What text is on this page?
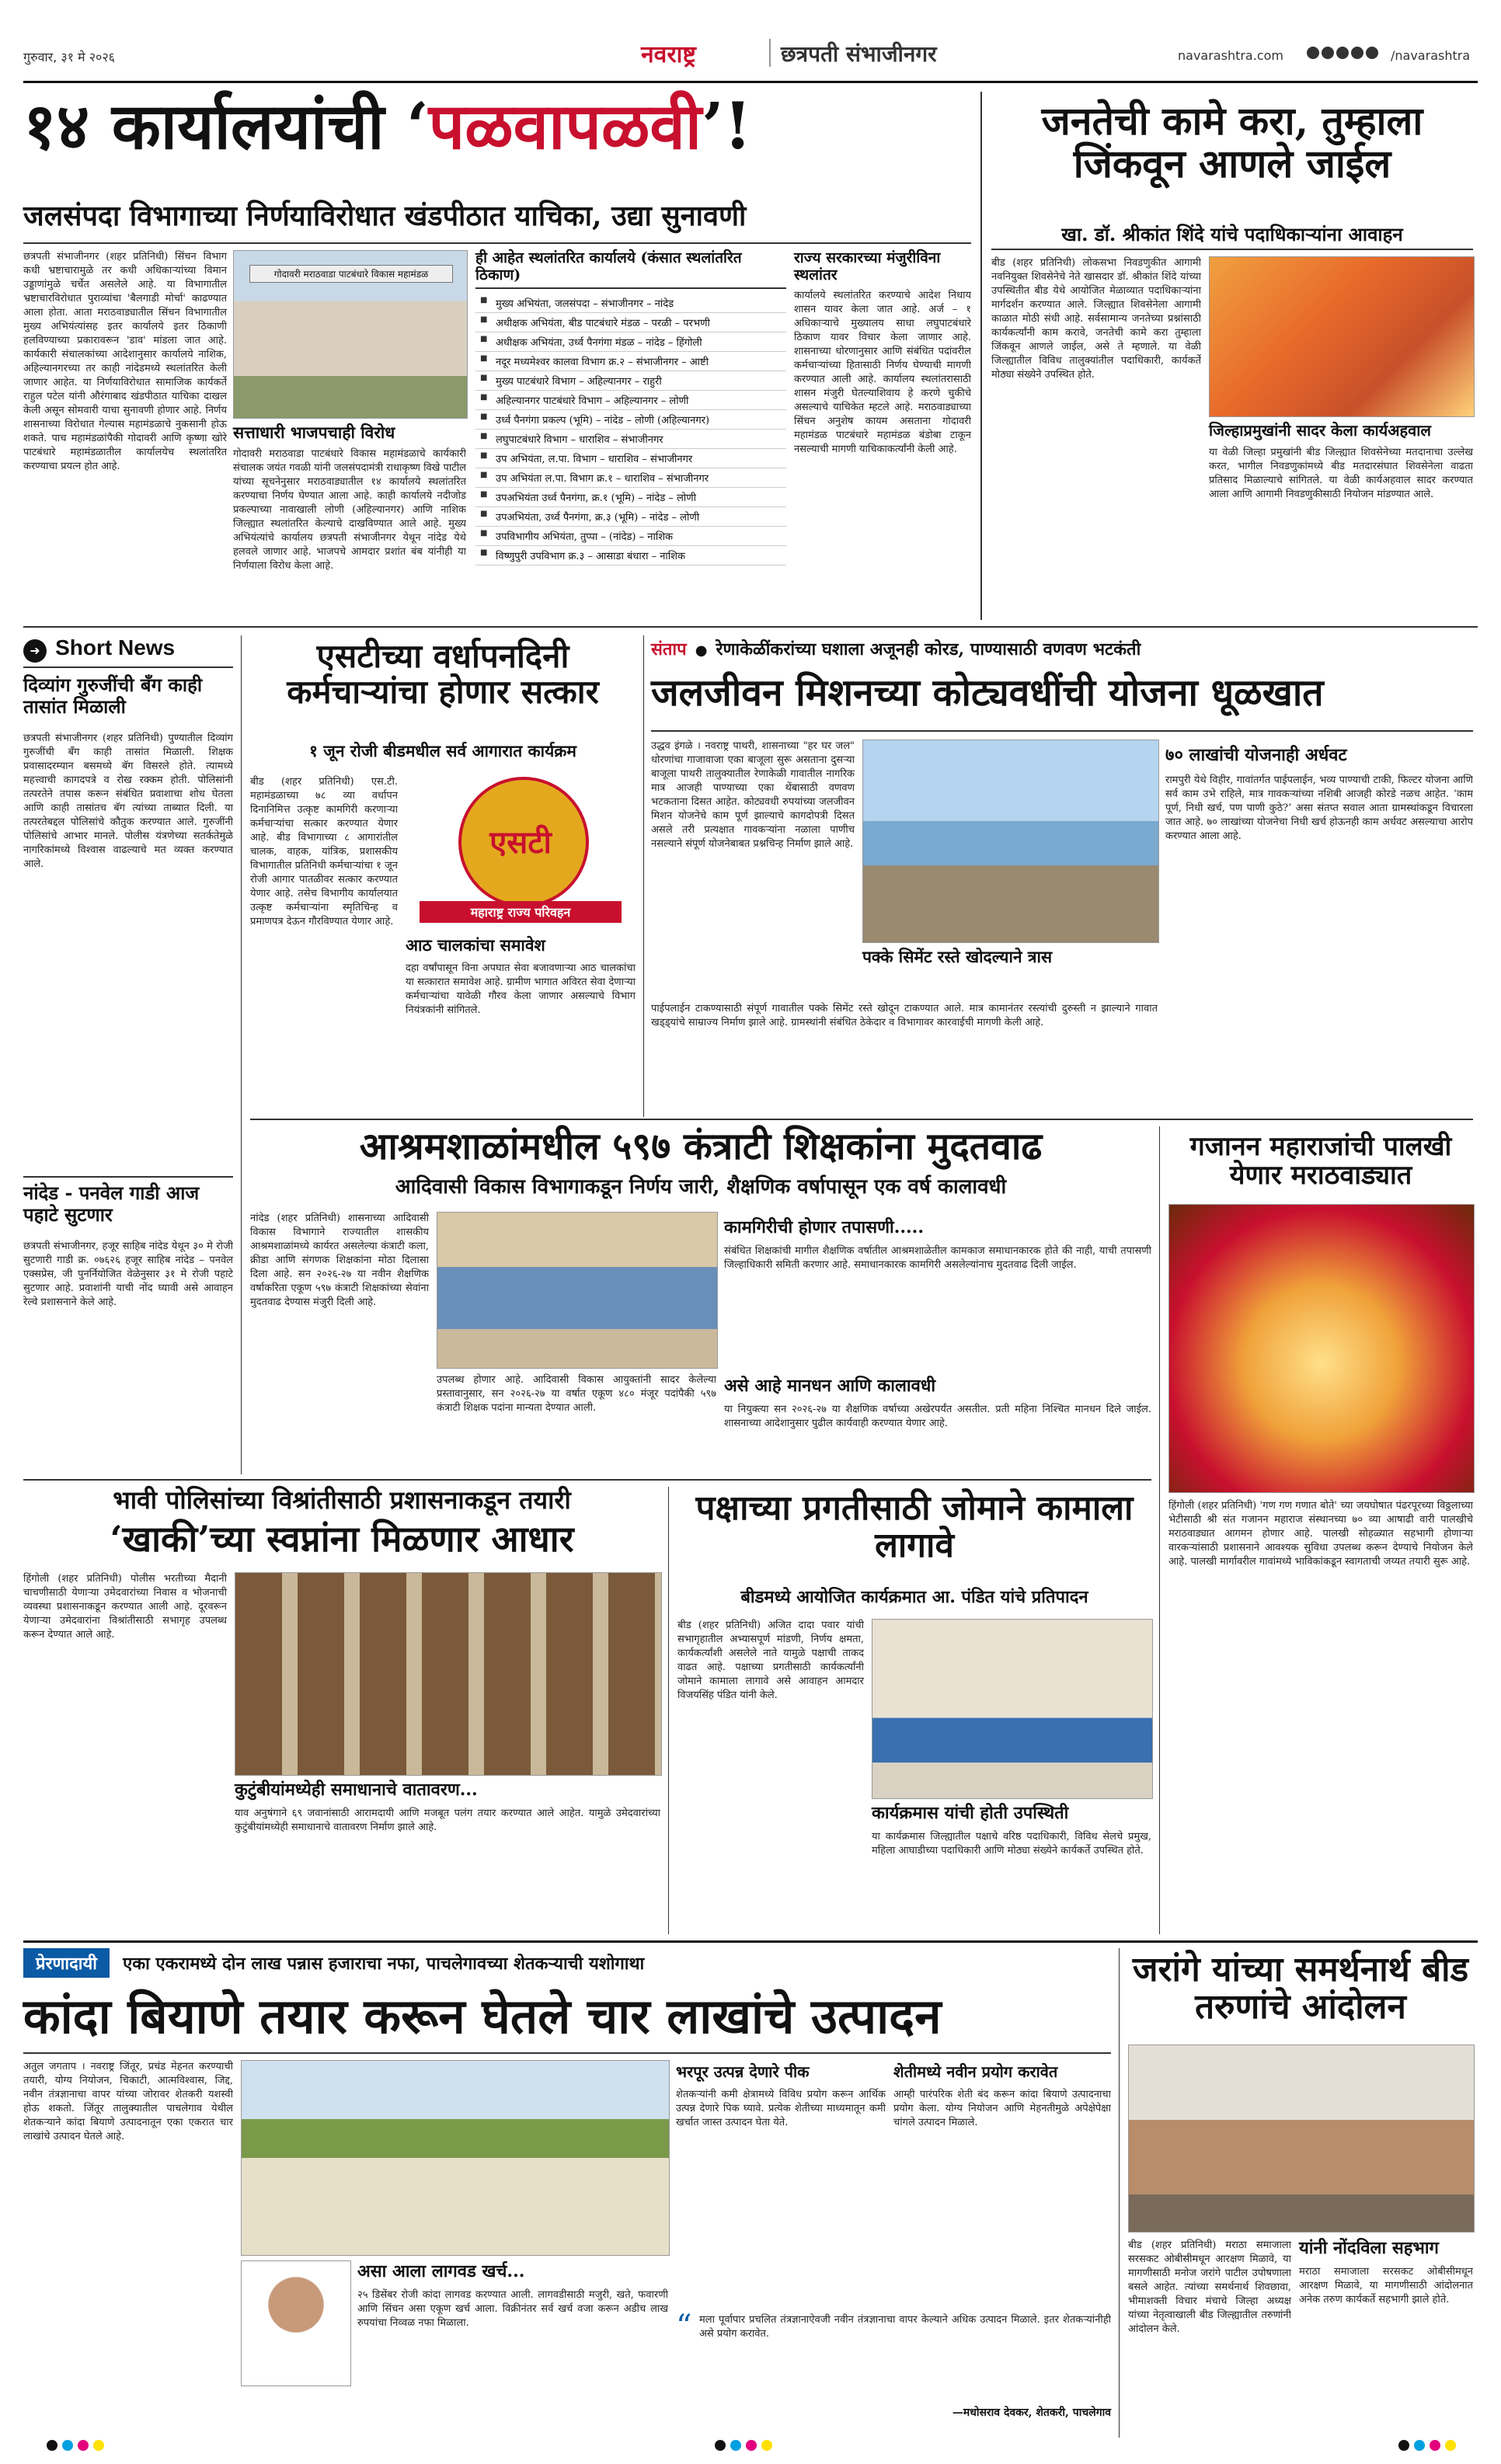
गुरुवार, ३१ मे २०२६	नवराष्ट्र	छत्रपती संभाजीनगर	navarashtra.com	/navarashtra
१४ कार्यालयांची ‘पळवापळवी’!
जलसंपदा विभागाच्या निर्णयाविरोधात खंडपीठात याचिका, उद्या सुनावणी
छत्रपती संभाजीनगर (शहर प्रतिनिधी) सिंचन विभाग कधी भ्रष्टाचारामुळे तर कधी अधिकाऱ्यांच्या विमान उड्डाणांमुळे चर्चेत असलेले आहे. या विभागातील भ्रष्टाचारविरोधात पुराव्यांचा 'बैलगाडी मोर्चा' काढण्यात आला होता. आता मराठवाड्यातील सिंचन विभागातील मुख्य अभियंत्यांसह इतर कार्यालये इतर ठिकाणी हलविण्याच्या प्रकारावरून 'डाव' मांडला जात आहे. कार्यकारी संचालकांच्या आदेशानुसार कार्यालये नाशिक, अहिल्यानगरच्या तर काही नांदेडमध्ये स्थलांतरित केली जाणार आहेत. या निर्णयाविरोधात सामाजिक कार्यकर्ते राहुल पटेल यांनी औरंगाबाद खंडपीठात याचिका दाखल केली असून सोमवारी याचा सुनावणी होणार आहे. निर्णय शासनाच्या विरोधात गेल्यास महामंडळाचे नुकसानी होऊ शकते. पाच महामंडळांपैकी गोदावरी आणि कृष्णा खोरे पाटबंधारे महामंडळातील कार्यालयेच स्थलांतरित करण्याचा प्रयत्न होत आहे.
गोदावरी मराठवाडा पाटबंधारे विकास महामंडळ
सत्ताधारी भाजपचाही विरोध
गोदावरी मराठवाडा पाटबंधारे विकास महामंडळाचे कार्यकारी संचालक जयंत गवळी यांनी जलसंपदामंत्री राधाकृष्ण विखे पाटील यांच्या सूचनेनुसार मराठवाड्यातील १४ कार्यालये स्थलांतरित करण्याचा निर्णय घेण्यात आला आहे. काही कार्यालये नदीजोड प्रकल्पाच्या नावाखाली लोणी (अहिल्यानगर) आणि नाशिक जिल्ह्यात स्थलांतरित केल्याचे दाखविण्यात आले आहे. मुख्य अभियंत्यांचे कार्यालय छत्रपती संभाजीनगर येथून नांदेड येथे हलवले जाणार आहे. भाजपचे आमदार प्रशांत बंब यांनीही या निर्णयाला विरोध केला आहे.
ही आहेत स्थलांतरित कार्यालये (कंसात स्थलांतरित ठिकाण)
■ मुख्य अभियंता, जलसंपदा – संभाजीनगर – नांदेड
■ अधीक्षक अभियंता, बीड पाटबंधारे मंडळ – परळी – परभणी
■ अधीक्षक अभियंता, उर्ध्व पैनगंगा मंडळ – नांदेड – हिंगोली
■ नदूर मध्यमेश्वर कालवा विभाग क्र.२ – संभाजीनगर – आष्टी
■ मुख्य पाटबंधारे विभाग – अहिल्यानगर – राहुरी
■ अहिल्यानगर पाटबंधारे विभाग – अहिल्यानगर – लोणी
■ उर्ध्व पैनगंगा प्रकल्प (भूमि) – नांदेड – लोणी (अहिल्यानगर)
■ लघुपाटबंधारे विभाग – धाराशिव – संभाजीनगर
■ उप अभियंता, ल.पा. विभाग – धाराशिव – संभाजीनगर
■ उप अभियंता ल.पा. विभाग क्र.१ – धाराशिव – संभाजीनगर
■ उपअभियंता उर्ध्व पैनगंगा, क्र.१ (भूमि) – नांदेड – लोणी
■ उपअभियंता, उर्ध्व पैनगंगा, क्र.३ (भूमि) – नांदेड – लोणी
■ उपविभागीय अभियंता, तुप्पा – (नांदेड) – नाशिक
■ विष्णुपुरी उपविभाग क्र.३ – आसाडा बंधारा – नाशिक
राज्य सरकारच्या मंजुरीविना स्थलांतर
कार्यालये स्थलांतरित करण्याचे आदेश निधाय शासन यावर केला जात आहे. अर्ज – १ अधिकाऱ्याचे मुख्यालय साधा लघुपाटबंधारे ठिकाण यावर विचार केला जाणार आहे. शासनाच्या धोरणानुसार आणि संबंधित पदांवरील कर्मचाऱ्यांच्या हितासाठी निर्णय घेण्याची मागणी करण्यात आली आहे. कार्यालय स्थलांतरासाठी शासन मंजुरी घेतल्याशिवाय हे करणे चुकीचे असल्याचे याचिकेत म्हटले आहे. मराठवाड्याच्या सिंचन अनुशेष कायम असताना गोदावरी महामंडळ पाटबंधारे महामंडळ बंडोबा टाकून नसल्याची मागणी याचिकाकर्त्यांनी केली आहे.
जनतेची कामे करा, तुम्हाला जिंकवून आणले जाईल
खा. डॉ. श्रीकांत शिंदे यांचे पदाधिकाऱ्यांना आवाहन
बीड (शहर प्रतिनिधी) लोकसभा निवडणुकीत आगामी नवनियुक्त शिवसेनेचे नेते खासदार डॉ. श्रीकांत शिंदे यांच्या उपस्थितीत बीड येथे आयोजित मेळाव्यात पदाधिकाऱ्यांना मार्गदर्शन करण्यात आले. जिल्ह्यात शिवसेनेला आगामी काळात मोठी संधी आहे. सर्वसामान्य जनतेच्या प्रश्नांसाठी कार्यकर्त्यांनी काम करावे, जनतेची कामे करा तुम्हाला जिंकवून आणले जाईल, असे ते म्हणाले. या वेळी जिल्ह्यातील विविध तालुक्यांतील पदाधिकारी, कार्यकर्ते मोठ्या संख्येने उपस्थित होते.
जिल्हाप्रमुखांनी सादर केला कार्यअहवाल
या वेळी जिल्हा प्रमुखांनी बीड जिल्ह्यात शिवसेनेच्या मतदानाचा उल्लेख करत, भागील निवडणुकांमध्ये बीड मतदारसंघात शिवसेनेला वाढता प्रतिसाद मिळाल्याचे सांगितले. या वेळी कार्यअहवाल सादर करण्यात आला आणि आगामी निवडणुकीसाठी नियोजन मांडण्यात आले.
➜ Short News
दिव्यांग गुरुजींची बँग काही तासांत मिळाली
छत्रपती संभाजीनगर (शहर प्रतिनिधी) पुण्यातील दिव्यांग गुरुजींची बँग काही तासांत मिळाली. शिक्षक प्रवासादरम्यान बसमध्ये बॅग विसरले होते. त्यामध्ये महत्त्वाची कागदपत्रे व रोख रक्कम होती. पोलिसांनी तत्परतेने तपास करून संबंधित प्रवाशाचा शोध घेतला आणि काही तासांतच बॅग त्यांच्या ताब्यात दिली. या तत्परतेबद्दल पोलिसांचे कौतुक करण्यात आले. गुरुजींनी पोलिसांचे आभार मानले. पोलीस यंत्रणेच्या सतर्कतेमुळे नागरिकांमध्ये विश्वास वाढल्याचे मत व्यक्त करण्यात आले.
नांदेड - पनवेल गाडी आज पहाटे सुटणार
छत्रपती संभाजीनगर, हजूर साहिब नांदेड येथून ३० मे रोजी सुटणारी गाडी क्र. ०७६२६ हजूर साहिब नांदेड – पनवेल एक्सप्रेस, जी पुनर्नियोजित वेळेनुसार ३१ मे रोजी पहाटे सुटणार आहे. प्रवाशांनी याची नोंद घ्यावी असे आवाहन रेल्वे प्रशासनाने केले आहे.
एसटीच्या वर्धापनदिनी कर्मचाऱ्यांचा होणार सत्कार
१ जून रोजी बीडमधील सर्व आगारात कार्यक्रम
बीड (शहर प्रतिनिधी) एस.टी. महामंडळाच्या ७८ व्या वर्धापन दिनानिमित्त उत्कृष्ट कामगिरी करणाऱ्या कर्मचाऱ्यांचा सत्कार करण्यात येणार आहे. बीड विभागाच्या ८ आगारांतील चालक, वाहक, यांत्रिक, प्रशासकीय विभागातील प्रतिनिधी कर्मचाऱ्यांचा १ जून रोजी आगार पातळीवर सत्कार करण्यात येणार आहे. तसेच विभागीय कार्यालयात उत्कृष्ट कर्मचाऱ्यांना स्मृतिचिन्ह व प्रमाणपत्र देऊन गौरविण्यात येणार आहे.
एसटी
महाराष्ट्र राज्य परिवहन
आठ चालकांचा समावेश
दहा वर्षांपासून विना अपघात सेवा बजावणाऱ्या आठ चालकांचा या सत्कारात समावेश आहे. ग्रामीण भागात अविरत सेवा देणाऱ्या कर्मचाऱ्यांचा यावेळी गौरव केला जाणार असल्याचे विभाग नियंत्रकांनी सांगितले.
संताप ● रेणाकेळींकरांच्या घशाला अजूनही कोरड, पाण्यासाठी वणवण भटकंती
जलजीवन मिशनच्या कोट्यवधींची योजना धूळखात
उद्धव इंगळे । नवराष्ट्र पाथरी, शासनाच्या "हर घर जल" धोरणांचा गाजावाजा एका बाजूला सुरू असताना दुसऱ्या बाजूला पाथरी तालुक्यातील रेणाकेळी गावातील नागरिक मात्र आजही पाण्याच्या एका थेंबासाठी वणवण भटकताना दिसत आहेत. कोट्यवधी रुपयांच्या जलजीवन मिशन योजनेचे काम पूर्ण झाल्याचे कागदोपत्री दिसत असले तरी प्रत्यक्षात गावकऱ्यांना नळाला पाणीच नसल्याने संपूर्ण योजनेबाबत प्रश्नचिन्ह निर्माण झाले आहे.
पक्के सिमेंट रस्ते खोदल्याने त्रास
पाईपलाईन टाकण्यासाठी संपूर्ण गावातील पक्के सिमेंट रस्ते खोदून टाकण्यात आले. मात्र कामानंतर रस्त्यांची दुरुस्ती न झाल्याने गावात खड्ड्यांचे साम्राज्य निर्माण झाले आहे. ग्रामस्थांनी संबंधित ठेकेदार व विभागावर कारवाईची मागणी केली आहे.
७० लाखांची योजनाही अर्धवट
रामपुरी येथे विहीर, गावांतर्गत पाईपलाईन, भव्य पाण्याची टाकी, फिल्टर योजना आणि सर्व काम उभे राहिले, मात्र गावकऱ्यांच्या नशिबी आजही कोरडे नळच आहेत. ‘काम पूर्ण, निधी खर्च, पण पाणी कुठे?’ असा संतप्त सवाल आता ग्रामस्थांकडून विचारला जात आहे. ७० लाखांच्या योजनेचा निधी खर्च होऊनही काम अर्धवट असल्याचा आरोप करण्यात आला आहे.
आश्रमशाळांमधील ५९७ कंत्राटी शिक्षकांना मुदतवाढ
आदिवासी विकास विभागाकडून निर्णय जारी, शैक्षणिक वर्षापासून एक वर्ष कालावधी
नांदेड (शहर प्रतिनिधी) शासनाच्या आदिवासी विकास विभागाने राज्यातील शासकीय आश्रमशाळांमध्ये कार्यरत असलेल्या कंत्राटी कला, क्रीडा आणि संगणक शिक्षकांना मोठा दिलासा दिला आहे. सन २०२६-२७ या नवीन शैक्षणिक वर्षाकरिता एकूण ५९७ कंत्राटी शिक्षकांच्या सेवांना मुदतवाढ देण्यास मंजुरी दिली आहे.
उपलब्ध होणार आहे. आदिवासी विकास आयुक्तांनी सादर केलेल्या प्रस्तावानुसार, सन २०२६-२७ या वर्षात एकूण ४८० मंजूर पदांपैकी ५९७ कंत्राटी शिक्षक पदांना मान्यता देण्यात आली.
कामगिरीची होणार तपासणी.....
संबंधित शिक्षकांची मागील शैक्षणिक वर्षातील आश्रमशाळेतील कामकाज समाधानकारक होते की नाही, याची तपासणी जिल्हाधिकारी समिती करणार आहे. समाधानकारक कामगिरी असलेल्यांनाच मुदतवाढ दिली जाईल.
असे आहे मानधन आणि कालावधी
या नियुक्त्या सन २०२६-२७ या शैक्षणिक वर्षाच्या अखेरपर्यंत असतील. प्रती महिना निश्चित मानधन दिले जाईल. शासनाच्या आदेशानुसार पुढील कार्यवाही करण्यात येणार आहे.
गजानन महाराजांची पालखी येणार मराठवाड्यात
हिंगोली (शहर प्रतिनिधी) 'गण गण गणात बोते' च्या जयघोषात पंढरपूरच्या विठ्ठलाच्या भेटीसाठी श्री संत गजानन महाराज संस्थानच्या ७० व्या आषाढी वारी पालखीचे मराठवाड्यात आगमन होणार आहे. पालखी सोहळ्यात सहभागी होणाऱ्या वारकऱ्यांसाठी प्रशासनाने आवश्यक सुविधा उपलब्ध करून देण्याचे नियोजन केले आहे. पालखी मार्गावरील गावांमध्ये भाविकांकडून स्वागताची जय्यत तयारी सुरू आहे.
भावी पोलिसांच्या विश्रांतीसाठी प्रशासनाकडून तयारी
‘खाकी’च्या स्वप्नांना मिळणार आधार
हिंगोली (शहर प्रतिनिधी) पोलीस भरतीच्या मैदानी चाचणीसाठी येणाऱ्या उमेदवारांच्या निवास व भोजनाची व्यवस्था प्रशासनाकडून करण्यात आली आहे. दूरवरून येणाऱ्या उमेदवारांना विश्रांतीसाठी सभागृह उपलब्ध करून देण्यात आले आहे.
कुटुंबीयांमध्येही समाधानाचे वातावरण...
याव अनुषंगाने ६९ जवानांसाठी आरामदायी आणि मजबूत पलंग तयार करण्यात आले आहेत. यामुळे उमेदवारांच्या कुटुंबीयांमध्येही समाधानाचे वातावरण निर्माण झाले आहे.
पक्षाच्या प्रगतीसाठी जोमाने कामाला लागावे
बीडमध्ये आयोजित कार्यक्रमात आ. पंडित यांचे प्रतिपादन
बीड (शहर प्रतिनिधी) अजित दादा पवार यांची सभागृहातील अभ्यासपूर्ण मांडणी, निर्णय क्षमता, कार्यकर्त्यांशी असलेले नाते यामुळे पक्षाची ताकद वाढत आहे. पक्षाच्या प्रगतीसाठी कार्यकर्त्यांनी जोमाने कामाला लागावे असे आवाहन आमदार विजयसिंह पंडित यांनी केले.
कार्यक्रमास यांची होती उपस्थिती
या कार्यक्रमास जिल्ह्यातील पक्षाचे वरिष्ठ पदाधिकारी, विविध सेलचे प्रमुख, महिला आघाडीच्या पदाधिकारी आणि मोठ्या संख्येने कार्यकर्ते उपस्थित होते.
प्रेरणादायी एका एकरामध्ये दोन लाख पन्नास हजाराचा नफा, पाचलेगावच्या शेतकऱ्याची यशोगाथा
कांदा बियाणे तयार करून घेतले चार लाखांचे उत्पादन
अतुल जगताप । नवराष्ट्र जिंतूर, प्रचंड मेहनत करण्याची तयारी, योग्य नियोजन, चिकाटी, आत्मविश्वास, जिद्द, नवीन तंत्रज्ञानाचा वापर यांच्या जोरावर शेतकरी यशस्वी होऊ शकतो. जिंतूर तालुक्यातील पाचलेगाव येथील शेतकऱ्याने कांदा बियाणे उत्पादनातून एका एकरात चार लाखांचे उत्पादन घेतले आहे.
असा आला लागवड खर्च...
२५ डिसेंबर रोजी कांदा लागवड करण्यात आली. लागवडीसाठी मजुरी, खते, फवारणी आणि सिंचन असा एकूण खर्च आला. विक्रीनंतर सर्व खर्च वजा करून अडीच लाख रुपयांचा निव्वळ नफा मिळाला.
भरपूर उत्पन्न देणारे पीक
शेतकऱ्यांनी कमी क्षेत्रामध्ये विविध प्रयोग करून आर्थिक उत्पन्न देणारे पिक घ्यावे. प्रत्येक शेतीच्या माध्यमातून कमी खर्चात जास्त उत्पादन घेता येते.
शेतीमध्ये नवीन प्रयोग करावेत
आम्ही पारंपरिक शेती बंद करून कांदा बियाणे उत्पादनाचा प्रयोग केला. योग्य नियोजन आणि मेहनतीमुळे अपेक्षेपेक्षा चांगले उत्पादन मिळाले.
“ मला पूर्वापार प्रचलित तंत्रज्ञानाऐवजी नवीन तंत्रज्ञानाचा वापर केल्याने अधिक उत्पादन मिळाले. इतर शेतकऱ्यांनीही असे प्रयोग करावेत.
—मधोसराव देवकर, शेतकरी, पाचलेगाव
जरांगे यांच्या समर्थनार्थ बीड तरुणांचे आंदोलन
बीड (शहर प्रतिनिधी) मराठा समाजाला सरसकट ओबीसीमधून आरक्षण मिळावे, या मागणीसाठी मनोज जरांगे पाटील उपोषणाला बसले आहेत. त्यांच्या समर्थनार्थ शिवछावा, भीमाशक्ती विचार मंचाचे जिल्हा अध्यक्ष यांच्या नेतृत्वाखाली बीड जिल्ह्यातील तरुणांनी आंदोलन केले.
यांनी नोंदविला सहभाग
मराठा समाजाला सरसकट ओबीसीमधून आरक्षण मिळावे, या मागणीसाठी आंदोलनात अनेक तरुण कार्यकर्ते सहभागी झाले होते.
